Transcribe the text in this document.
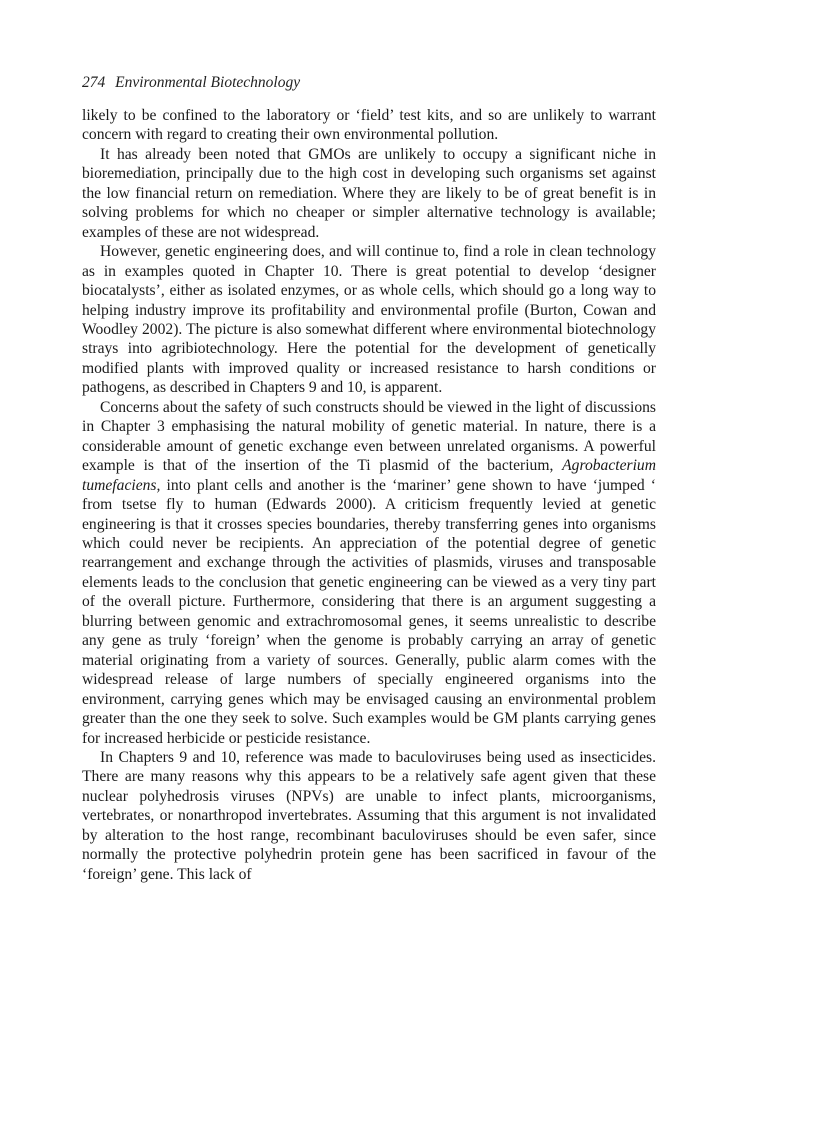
274 Environmental Biotechnology

likely to be confined to the laboratory or ‘field’ test kits, and so are unlikely to warrant concern with regard to creating their own environmental pollution.

It has already been noted that GMOs are unlikely to occupy a significant niche in bioremediation, principally due to the high cost in developing such organisms set against the low financial return on remediation. Where they are likely to be of great benefit is in solving problems for which no cheaper or simpler alternative technology is available; examples of these are not widespread.

However, genetic engineering does, and will continue to, find a role in clean technology as in examples quoted in Chapter 10. There is great potential to develop ‘designer biocatalysts’, either as isolated enzymes, or as whole cells, which should go a long way to helping industry improve its profitability and environmental profile (Burton, Cowan and Woodley 2002). The picture is also somewhat different where environmental biotechnology strays into agribiotechnology. Here the potential for the development of genetically modified plants with improved quality or increased resistance to harsh conditions or pathogens, as described in Chapters 9 and 10, is apparent.

Concerns about the safety of such constructs should be viewed in the light of discussions in Chapter 3 emphasising the natural mobility of genetic material. In nature, there is a considerable amount of genetic exchange even between unrelated organisms. A powerful example is that of the insertion of the Ti plasmid of the bacterium, Agrobacterium tumefaciens, into plant cells and another is the ‘mariner’ gene shown to have ‘jumped ‘ from tsetse fly to human (Edwards 2000). A criticism frequently levied at genetic engineering is that it crosses species boundaries, thereby transferring genes into organisms which could never be recipients. An appreciation of the potential degree of genetic rearrangement and exchange through the activities of plasmids, viruses and transposable elements leads to the conclusion that genetic engineering can be viewed as a very tiny part of the overall picture. Furthermore, considering that there is an argument suggesting a blurring between genomic and extrachromosomal genes, it seems unrealistic to describe any gene as truly ‘foreign’ when the genome is probably carrying an array of genetic material originating from a variety of sources. Generally, public alarm comes with the widespread release of large numbers of specially engineered organisms into the environment, carrying genes which may be envisaged causing an environmental problem greater than the one they seek to solve. Such examples would be GM plants carrying genes for increased herbicide or pesticide resistance.

In Chapters 9 and 10, reference was made to baculoviruses being used as insecticides. There are many reasons why this appears to be a relatively safe agent given that these nuclear polyhedrosis viruses (NPVs) are unable to infect plants, microorganisms, vertebrates, or nonarthropod invertebrates. Assuming that this argument is not invalidated by alteration to the host range, recombinant baculoviruses should be even safer, since normally the protective polyhedrin protein gene has been sacrificed in favour of the ‘foreign’ gene. This lack of
